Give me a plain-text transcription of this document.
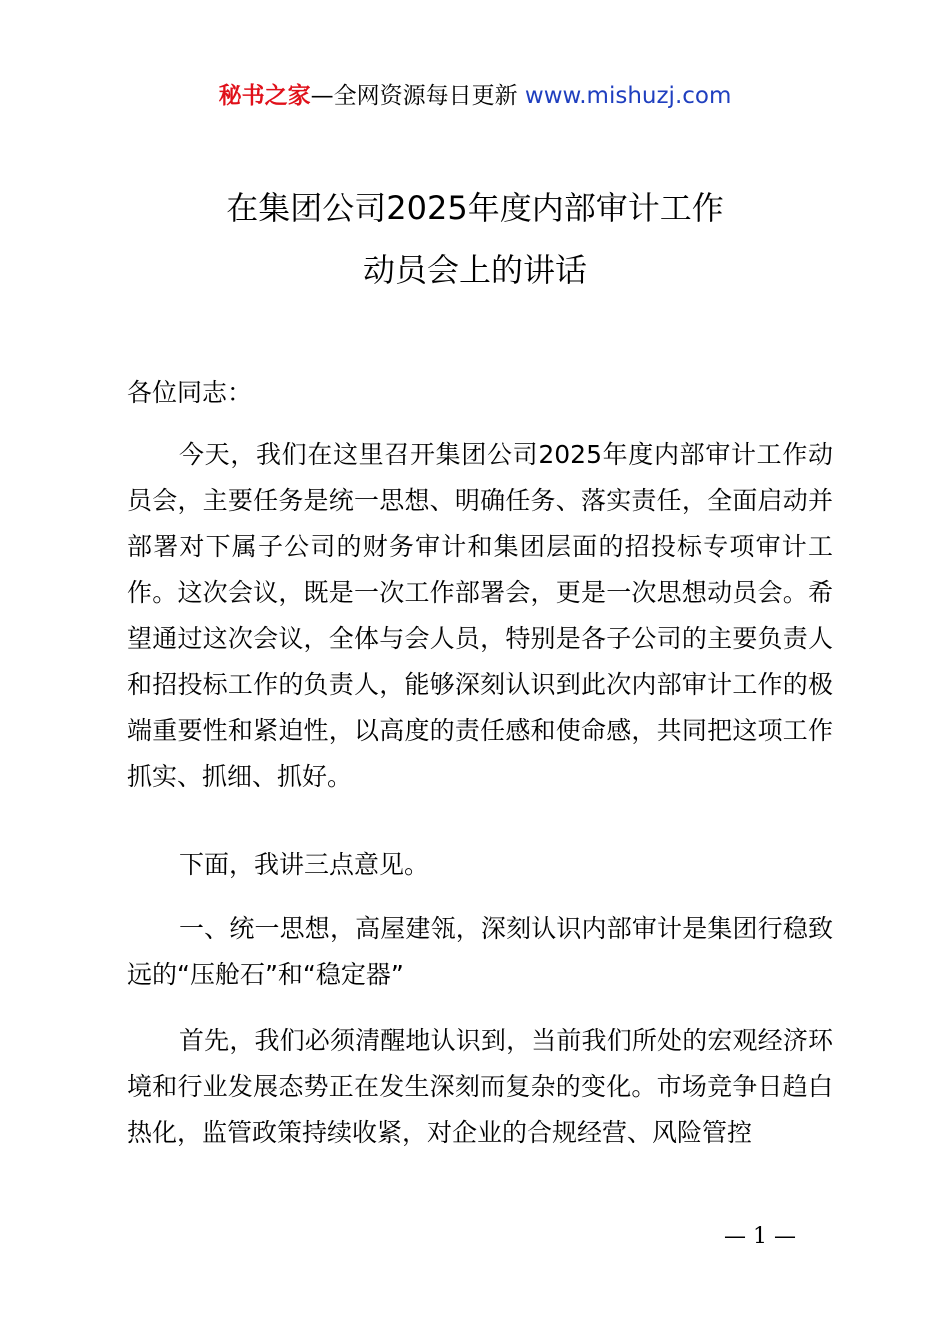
秘书之家—全网资源每日更新 www.mishuzj.com
在集团公司2025年度内部审计工作
动员会上的讲话
各位同志：
今天，我们在这里召开集团公司2025年度内部审计工作动员会，主要任务是统一思想、明确任务、落实责任，全面启动并部署对下属子公司的财务审计和集团层面的招投标专项审计工作。这次会议，既是一次工作部署会，更是一次思想动员会。希望通过这次会议，全体与会人员，特别是各子公司的主要负责人和招投标工作的负责人，能够深刻认识到此次内部审计工作的极端重要性和紧迫性，以高度的责任感和使命感，共同把这项工作抓实、抓细、抓好。
下面，我讲三点意见。
一、统一思想，高屋建瓴，深刻认识内部审计是集团行稳致远的“压舱石”和“稳定器”
首先，我们必须清醒地认识到，当前我们所处的宏观经济环境和行业发展态势正在发生深刻而复杂的变化。市场竞争日趋白热化，监管政策持续收紧，对企业的合规经营、风险管控
— 1 —
